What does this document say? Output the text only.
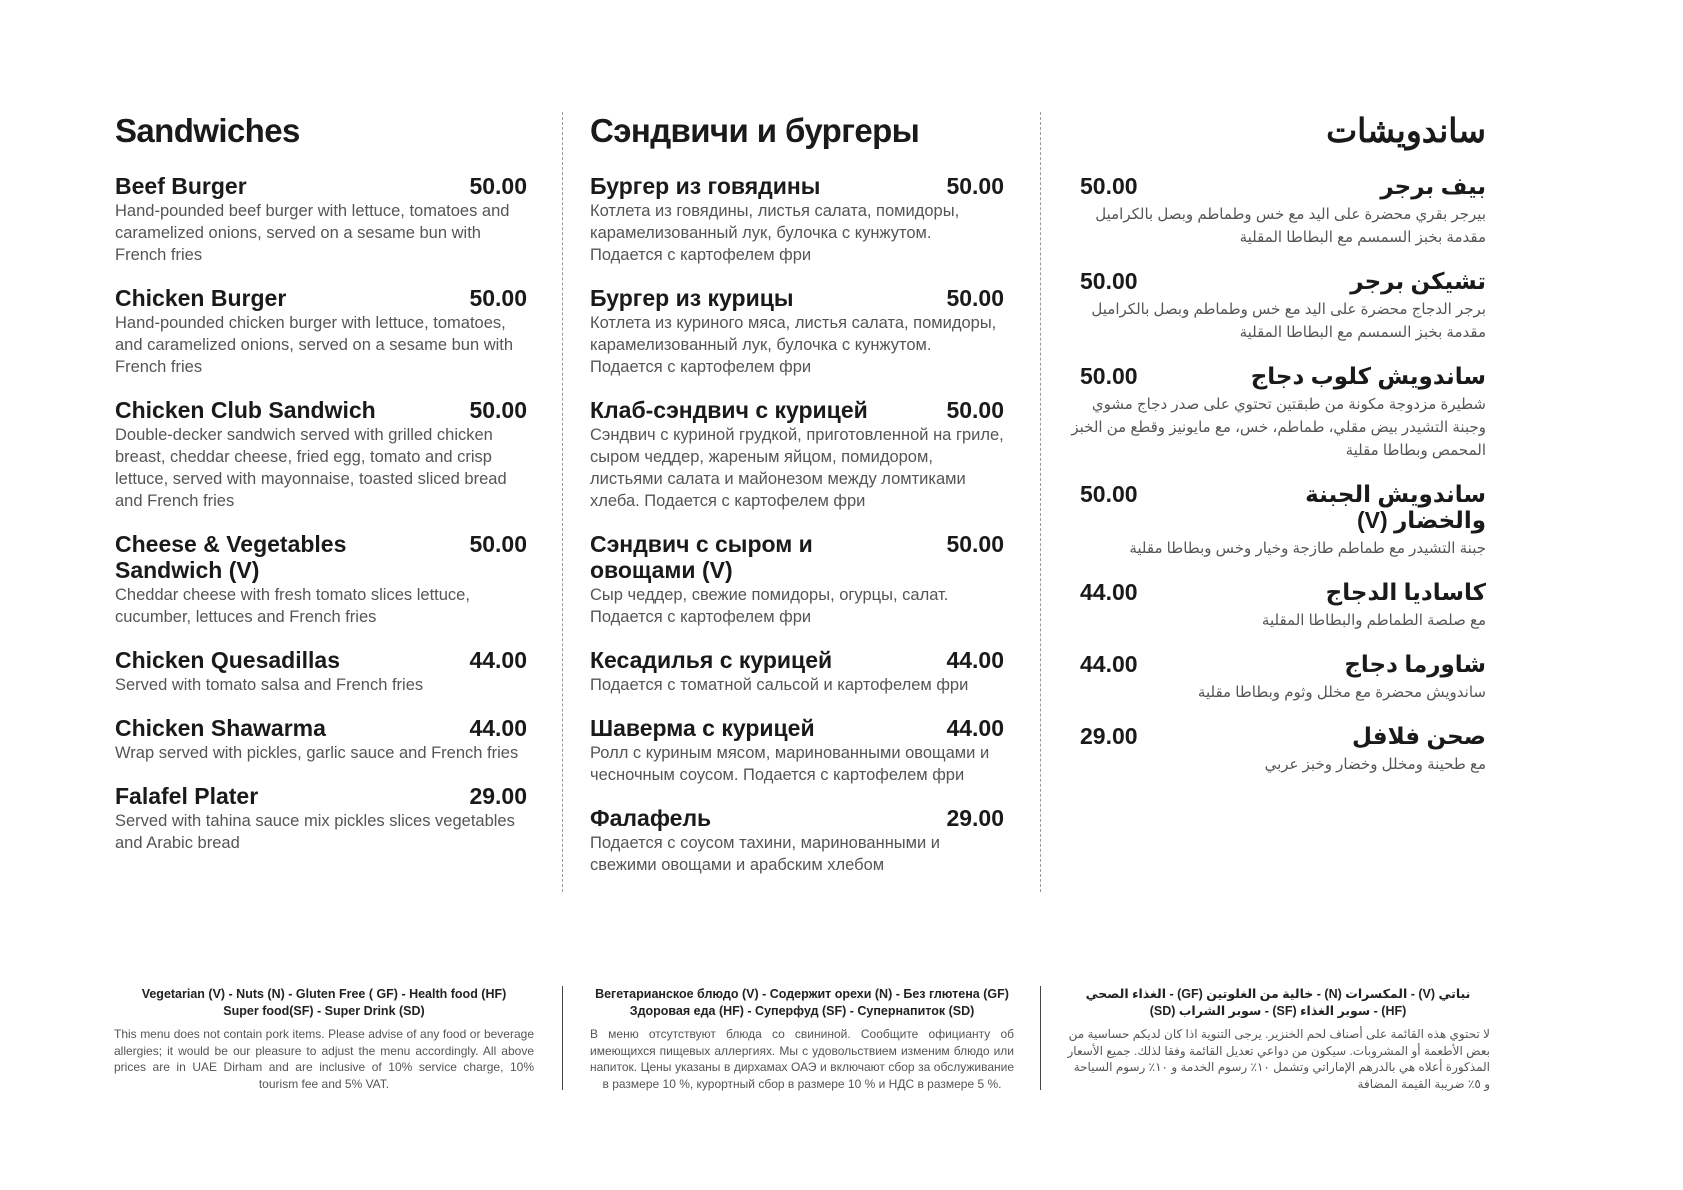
Sandwiches
Beef Burger	50.00
Hand-pounded beef burger with lettuce, tomatoes and caramelized onions, served on a sesame bun with French fries
Chicken Burger	50.00
Hand-pounded chicken burger with lettuce, tomatoes, and caramelized onions, served on a sesame bun with French fries
Chicken Club Sandwich	50.00
Double-decker sandwich served with grilled chicken breast, cheddar cheese, fried egg, tomato and crisp lettuce, served with mayonnaise, toasted sliced bread and French fries
Cheese & Vegetables Sandwich (V)
50.00
Cheddar cheese with fresh tomato slices lettuce, cucumber, lettuces and French fries
Chicken Quesadillas	44.00
Served with tomato salsa and French fries
Chicken Shawarma	44.00
Wrap served with pickles, garlic sauce and French fries
Falafel Plater	29.00
Served with tahina sauce mix pickles slices vegetables and Arabic bread
Сэндвичи и бургеры
Бургер из говядины	50.00
Котлета из говядины, листья салата, помидоры, карамелизованный лук, булочка с кунжутом. Подается с картофелем фри
Бургер из курицы	50.00
Котлета из куриного мяса, листья салата, помидоры, карамелизованный лук, булочка с кунжутом. Подается с картофелем фри
Клаб-сэндвич с курицей	50.00
Сэндвич с куриной грудкой, приготовленной на гриле, сыром чеддер, жареным яйцом, помидором, листьями салата и майонезом между ломтиками хлеба. Подается с картофелем фри
Сэндвич с сыром и овощами (V)
50.00
Сыр чеддер, свежие помидоры, огурцы, салат. Подается с картофелем фри
Кесадилья с курицей	44.00
Подается с томатной сальсой и картофелем фри
Шаверма с курицей	44.00
Ролл с куриным мясом, маринованными овощами и чесночным соусом. Подается с картофелем фри
Фалафель	29.00
Подается с соусом тахини, маринованными и свежими овощами и арабским хлебом
ساندويشات
بيف برجر
50.00
بيرجر بقري محضرة على اليد مع خس وطماطم وبصل بالكراميل مقدمة بخبز السمسم مع البطاطا المقلية
تشيكن برجر
50.00
برجر الدجاج محضرة على اليد مع خس وطماطم وبصل بالكراميل مقدمة بخبز السمسم مع البطاطا المقلية
ساندويش كلوب دجاج
50.00
شطيرة مزدوجة مكونة من طبقتين تحتوي على صدر دجاج مشوي وجبنة التشيدر بيض مقلي، طماطم، خس، مع مايونيز وقطع من الخبز المحمص وبطاطا مقلية
ساندويش الجبنة والخضار (V)
50.00
جبنة التشيدر مع طماطم طازجة وخيار وخس وبطاطا مقلية
كاساديا الدجاج
44.00
مع صلصة الطماطم والبطاطا المقلية
شاورما دجاج
44.00
ساندويش محضرة مع مخلل وثوم وبطاطا مقلية
صحن فلافل
29.00
مع طحينة ومخلل وخضار وخبز عربي
Vegetarian (V) - Nuts (N) - Gluten Free ( GF) - Health food (HF)
Super food(SF) - Super Drink (SD)
This menu does not contain pork items. Please advise of any food or beverage allergies; it would be our pleasure to adjust the menu accordingly. All above prices are in UAE Dirham and are inclusive of 10% service charge, 10% tourism fee and 5% VAT.
Вегетарианское блюдо (V) - Содержит орехи (N) - Без глютена (GF)
Здоровая еда (HF) - Суперфуд (SF) - Супернапиток (SD)
В меню отсутствуют блюда со свининой. Сообщите официанту об имеющихся пищевых аллергиях. Мы с удовольствием изменим блюдо или напиток. Цены указаны в дирхамах ОАЭ и включают сбор за обслуживание в размере 10 %, курортный сбор в размере 10 % и НДС в размере 5 %.
نباتي (V) - المكسرات (N) - خالية من الغلوتين (GF) - الغذاء الصحي
(HF) - سوبر الغذاء (SF) - سوبر الشراب (SD)
لا تحتوي هذه القائمة على أصناف لحم الخنزير. يرجى التنوية اذا كان لديكم حساسية من بعض الأطعمة أو المشروبات. سيكون من دواعي تعديل القائمة وفقا لذلك. جميع الأسعار المذكورة أعلاه هي بالدرهم الإماراتي وتشمل ١٠٪ رسوم الخدمة و ١٠٪ رسوم السياحة و ٥٪ ضريبة القيمة المضافة
